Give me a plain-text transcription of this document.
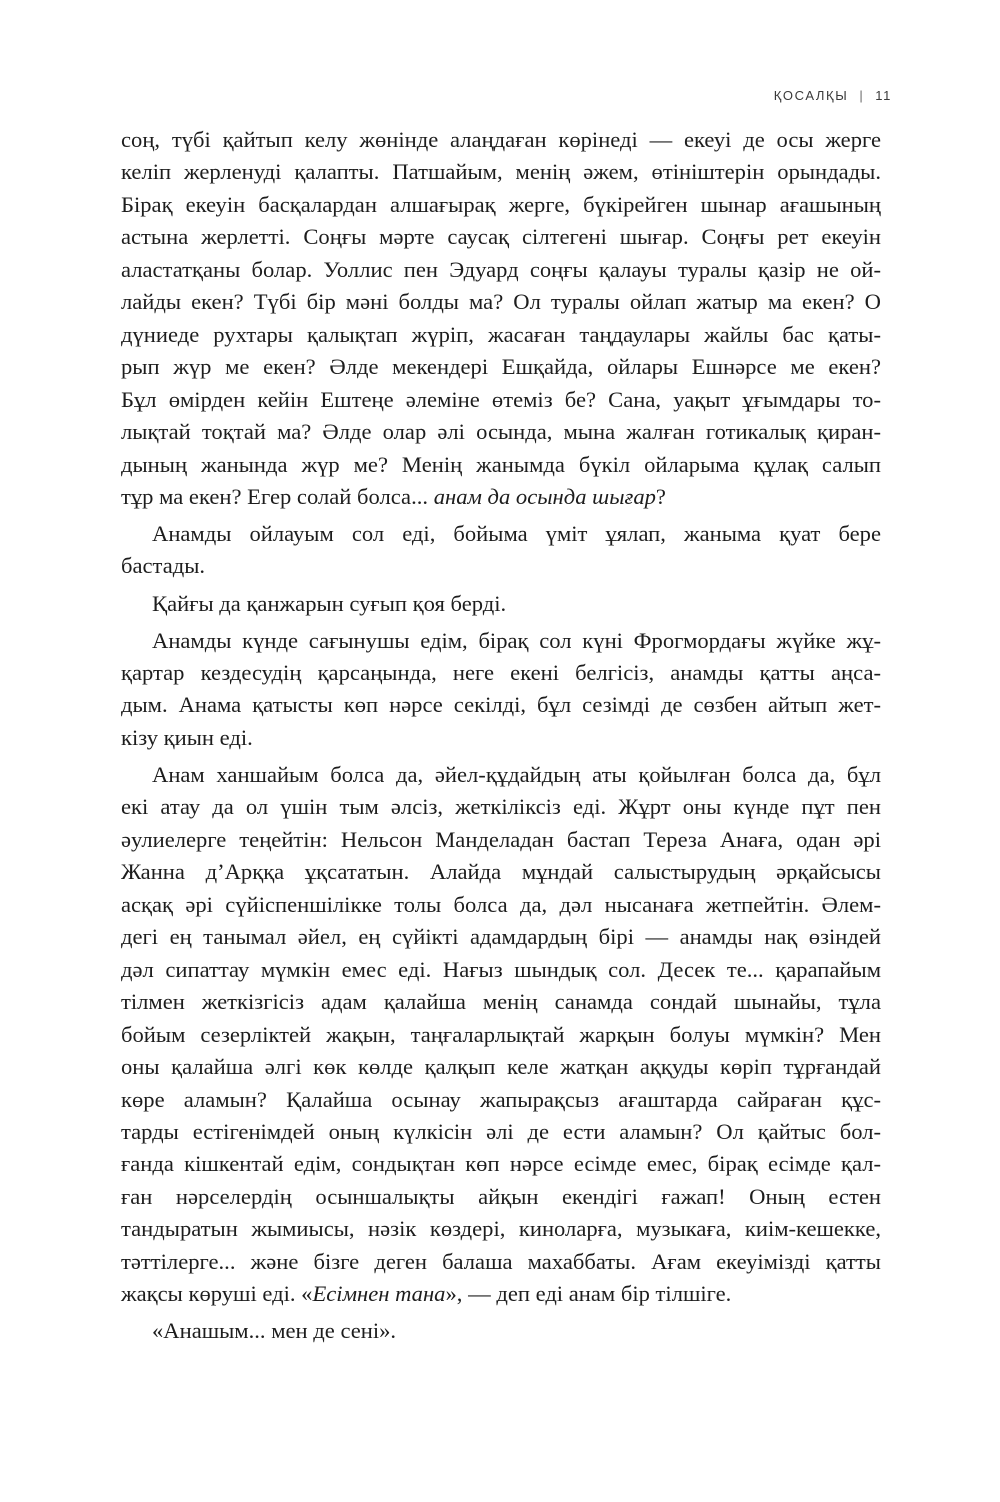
ҚОСАЛҚЫ | 11

соң, түбі қайтып келу жөнінде алаңдаған көрінеді — екеуі де осы жерге

келіп жерленуді қалапты. Патшайым, менің әжем, өтініштерін орындады.

Бірақ екеуін басқалардан алшағырақ жерге, бүкірейген шынар ағашының

астына жерлетті. Соңғы мәрте саусақ сілтегені шығар. Соңғы рет екеуін

аластатқаны болар. Уоллис пен Эдуард соңғы қалауы туралы қазір не ой-

лайды екен? Түбі бір мәні болды ма? Ол туралы ойлап жатыр ма екен? О

дүниеде рухтары қалықтап жүріп, жасаған таңдаулары жайлы бас қаты-

рып жүр ме екен? Әлде мекендері Ешқайда, ойлары Ешнәрсе ме екен?

Бұл өмірден кейін Ештеңе әлеміне өтеміз бе? Сана, уақыт ұғымдары то-

лықтай тоқтай ма? Әлде олар әлі осында, мына жалған готикалық қиран-

дының жанында жүр ме? Менің жанымда бүкіл ойларыма құлақ салып

тұр ма екен? Егер солай болса... анам да осында шығар?

Анамды ойлауым сол еді, бойыма үміт ұялап, жаныма қуат бере

бастады.

Қайғы да қанжарын суғып қоя берді.

Анамды күнде сағынушы едім, бірақ сол күні Фрогмордағы жүйке жұ-

қартар кездесудің қарсаңында, неге екені белгісіз, анамды қатты аңса-

дым. Анама қатысты көп нәрсе секілді, бұл сезімді де сөзбен айтып жет-

кізу қиын еді.

Анам ханшайым болса да, әйел-құдайдың аты қойылған болса да, бұл

екі атау да ол үшін тым әлсіз, жеткіліксіз еді. Жұрт оны күнде пұт пен

әулиелерге теңейтін: Нельсон Манделадан бастап Тереза Анаға, одан әрі

Жанна д’Арққа ұқсататын. Алайда мұндай салыстырудың әрқайсысы

асқақ әрі сүйіспеншілікке толы болса да, дәл нысанаға жетпейтін. Әлем-

дегі ең танымал әйел, ең сүйікті адамдардың бірі — анамды нақ өзіндей

дәл сипаттау мүмкін емес еді. Нағыз шындық сол. Десек те... қарапайым

тілмен жеткізгісіз адам қалайша менің санамда сондай шынайы, тұла

бойым сезерліктей жақын, таңғаларлықтай жарқын болуы мүмкін? Мен

оны қалайша әлгі көк көлде қалқып келе жатқан аққуды көріп тұрғандай

көре аламын? Қалайша осынау жапырақсыз ағаштарда сайраған құс-

тарды естігенімдей оның күлкісін әлі де ести аламын? Ол қайтыс бол-

ғанда кішкентай едім, сондықтан көп нәрсе есімде емес, бірақ есімде қал-

ған нәрселердің осыншалықты айқын екендігі ғажап! Оның естен

тандыратын жымиысы, нәзік көздері, киноларға, музыкаға, киім-кешекке,

тәттілерге... және бізге деген балаша махаббаты. Ағам екеуімізді қатты

жақсы көруші еді. «Есімнен тана», — деп еді анам бір тілшіге.

«Анашым... мен де сені».
